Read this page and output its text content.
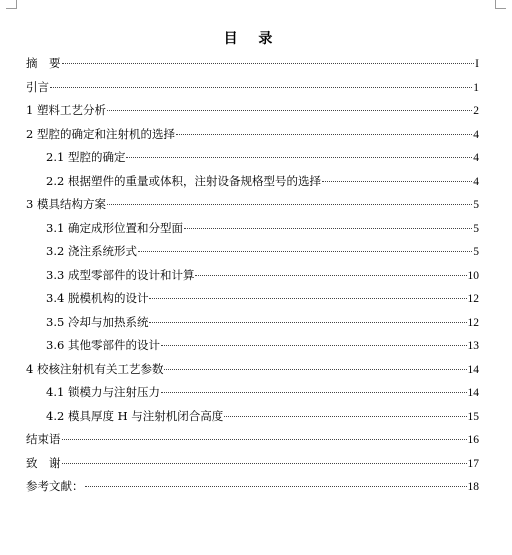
目 录
摘　要	I
引言	1
1 塑料工艺分析	2
2 型腔的确定和注射机的选择	4
2.1 型腔的确定	4
2.2 根据塑件的重量或体积，注射设备规格型号的选择	4
3 模具结构方案	5
3.1 确定成形位置和分型面	5
3.2 浇注系统形式	5
3.3 成型零部件的设计和计算	10
3.4 脱模机构的设计	12
3.5 冷却与加热系统	12
3.6 其他零部件的设计	13
4 校核注射机有关工艺参数	14
4.1 锁模力与注射压力	14
4.2 模具厚度 H 与注射机闭合高度	15
结束语	16
致　谢	17
参考文献：	18
